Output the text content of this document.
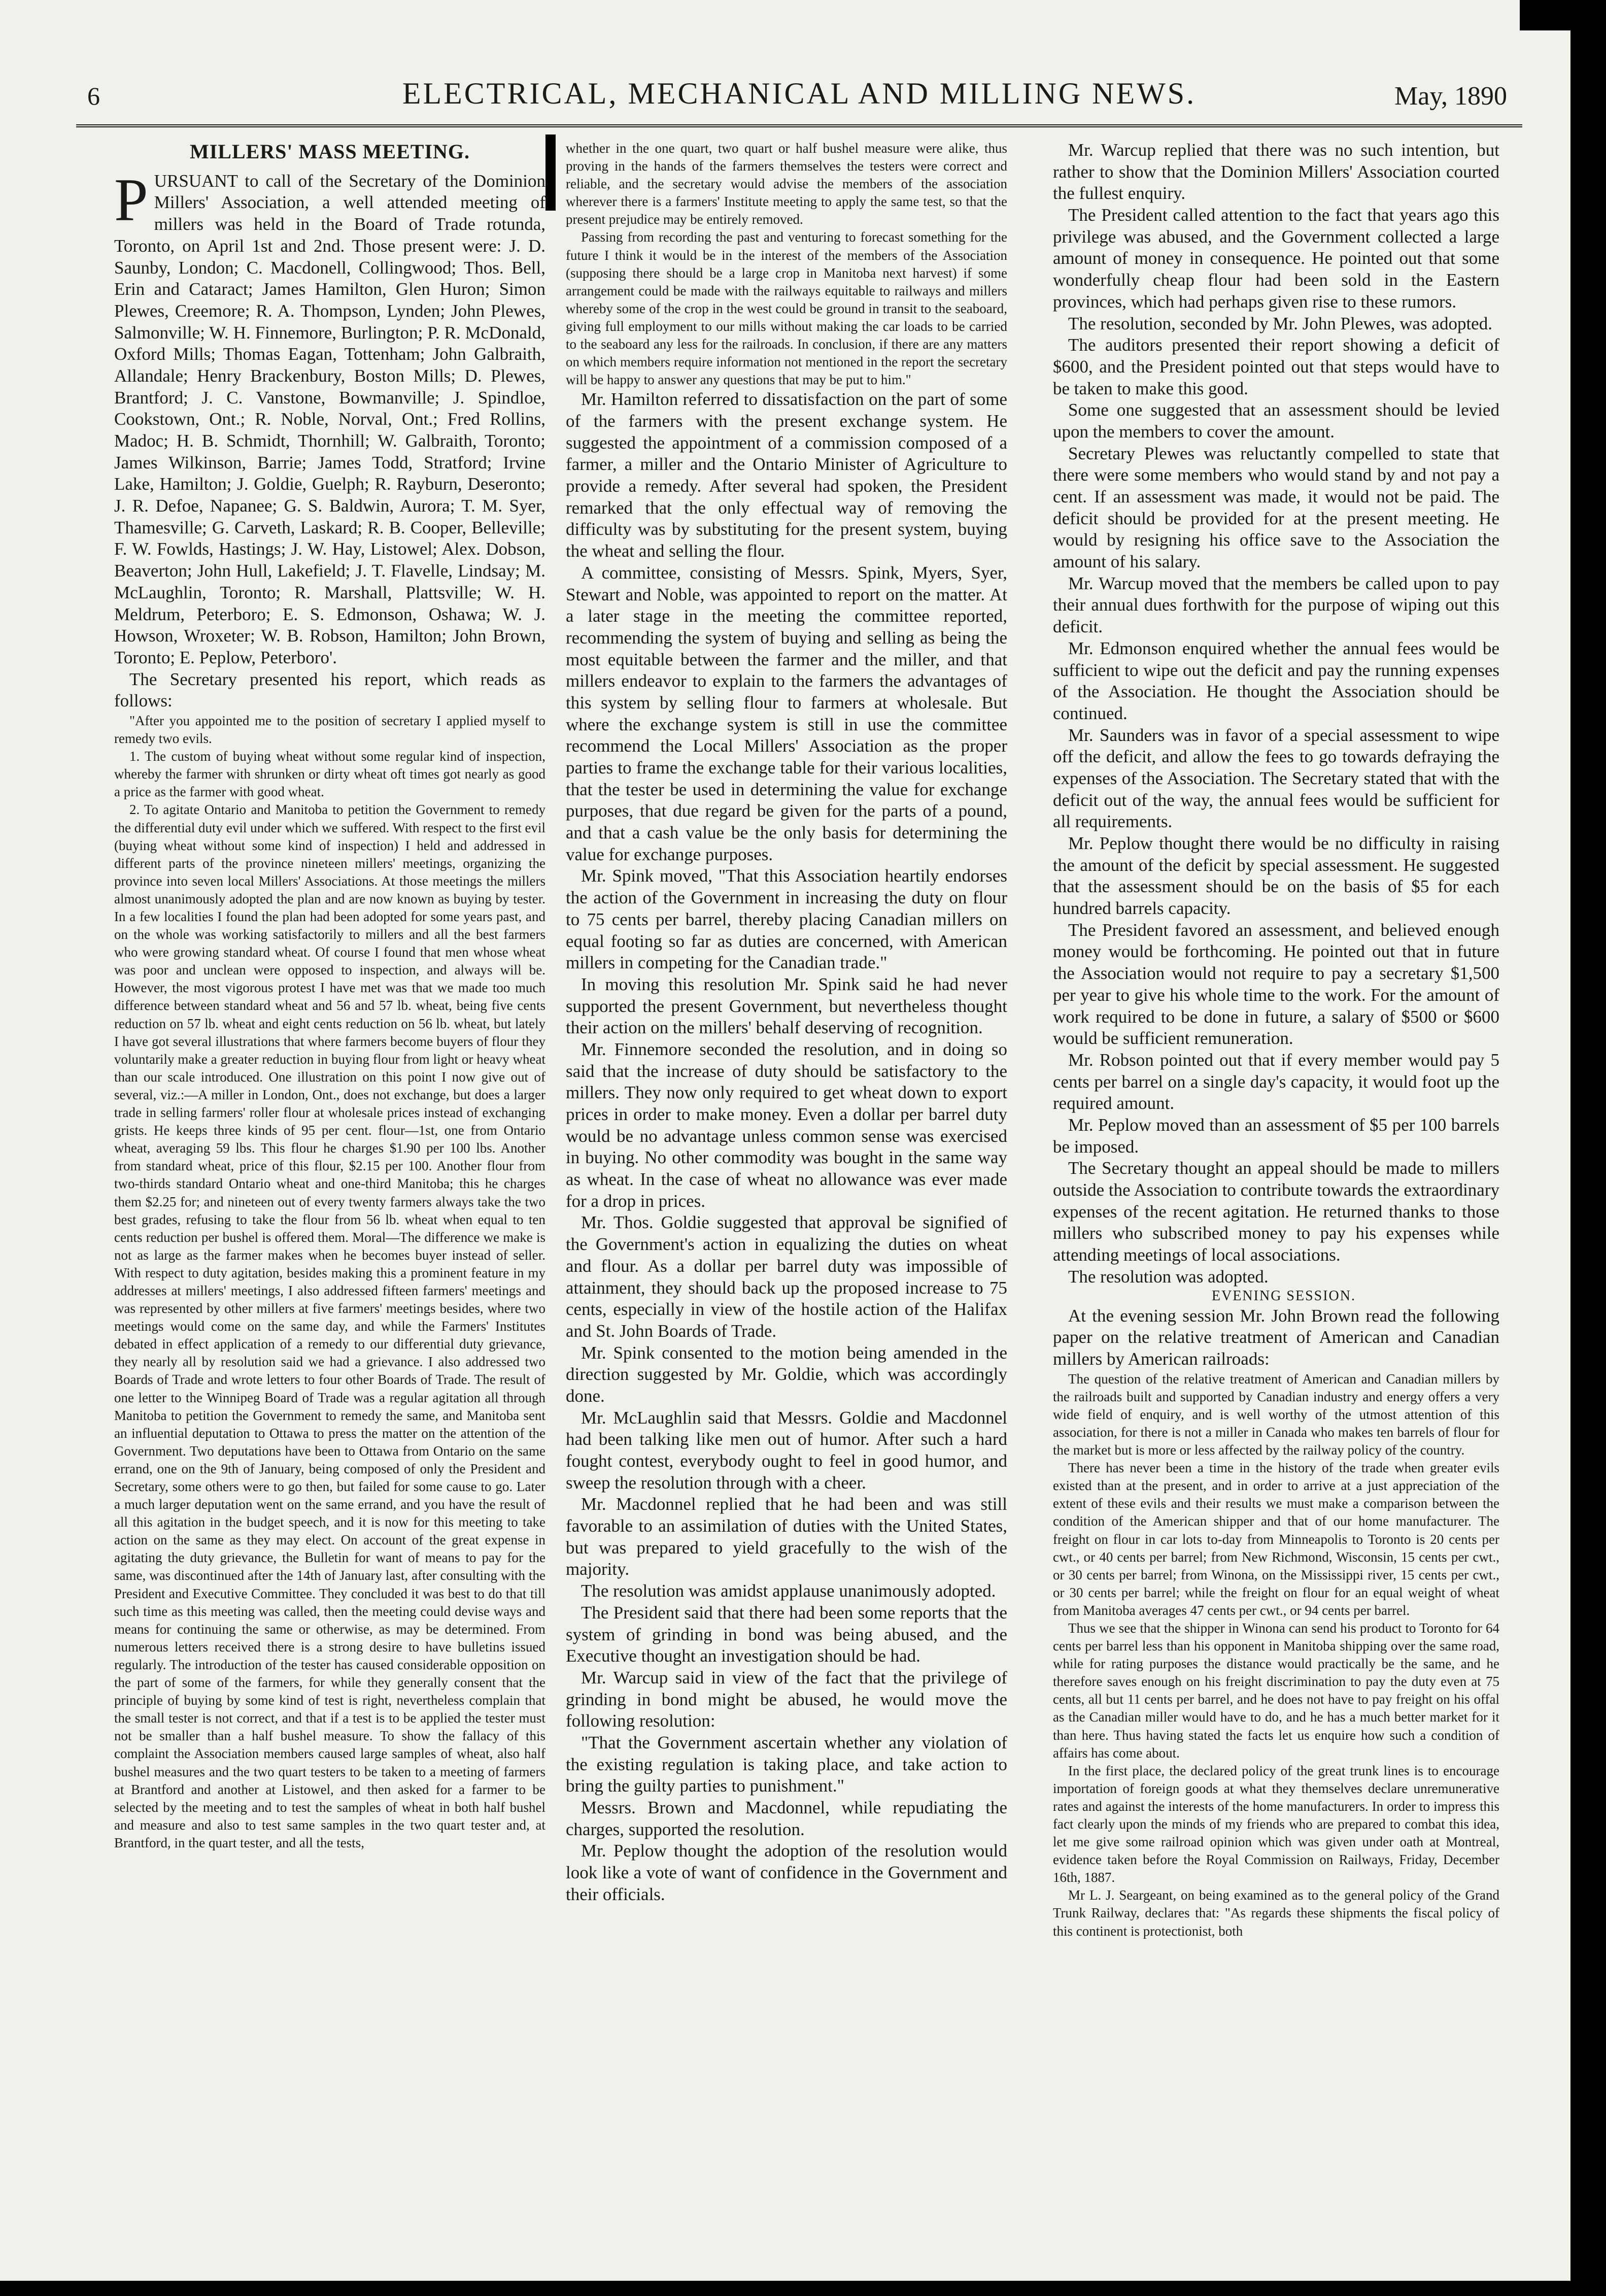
6	ELECTRICAL, MECHANICAL AND MILLING NEWS.	May, 1890
MILLERS' MASS MEETING.
P URSUANT to call of the Secretary of the Dominion Millers' Association, a well attended meeting of millers was held in the Board of Trade rotunda, Toronto, on April 1st and 2nd. Those present were: J. D. Saunby, London; C. Macdonell, Collingwood; Thos. Bell, Erin and Cataract; James Hamilton, Glen Huron; Simon Plewes, Creemore; R. A. Thompson, Lynden; John Plewes, Salmonville; W. H. Finnemore, Burlington; P. R. McDonald, Oxford Mills; Thomas Eagan, Tottenham; John Galbraith, Allandale; Henry Brackenbury, Boston Mills; D. Plewes, Brantford; J. C. Vanstone, Bowmanville; J. Spindloe, Cookstown, Ont.; R. Noble, Norval, Ont.; Fred Rollins, Madoc; H. B. Schmidt, Thornhill; W. Galbraith, Toronto; James Wilkinson, Barrie; James Todd, Stratford; Irvine Lake, Hamilton; J. Goldie, Guelph; R. Rayburn, Deseronto; J. R. Defoe, Napanee; G. S. Baldwin, Aurora; T. M. Syer, Thamesville; G. Carveth, Laskard; R. B. Cooper, Belleville; F. W. Fowlds, Hastings; J. W. Hay, Listowel; Alex. Dobson, Beaverton; John Hull, Lakefield; J. T. Flavelle, Lindsay; M. McLaughlin, Toronto; R. Marshall, Plattsville; W. H. Meldrum, Peterboro; E. S. Edmonson, Oshawa; W. J. Howson, Wroxeter; W. B. Robson, Hamilton; John Brown, Toronto; E. Peplow, Peterboro'.

The Secretary presented his report, which reads as follows:

"After you appointed me to the position of secretary I applied myself to remedy two evils.

1. The custom of buying wheat without some regular kind of inspection, whereby the farmer with shrunken or dirty wheat oft times got nearly as good a price as the farmer with good wheat.

2. To agitate Ontario and Manitoba to petition the Government to remedy the differential duty evil under which we suffered. With respect to the first evil (buying wheat without some kind of inspection) I held and addressed in different parts of the province nineteen millers' meetings, organizing the province into seven local Millers' Associations. At those meetings the millers almost unanimously adopted the plan and are now known as buying by tester. In a few localities I found the plan had been adopted for some years past, and on the whole was working satisfactorily to millers and all the best farmers who were growing standard wheat. Of course I found that men whose wheat was poor and unclean were opposed to inspection, and always will be. However, the most vigorous protest I have met was that we made too much difference between standard wheat and 56 and 57 lb. wheat, being five cents reduction on 57 lb. wheat and eight cents reduction on 56 lb. wheat, but lately I have got several illustrations that where farmers become buyers of flour they voluntarily make a greater reduction in buying flour from light or heavy wheat than our scale introduced. One illustration on this point I now give out of several, viz.:—A miller in London, Ont., does not exchange, but does a larger trade in selling farmers' roller flour at wholesale prices instead of exchanging grists. He keeps three kinds of 95 per cent. flour—1st, one from Ontario wheat, averaging 59 lbs. This flour he charges $1.90 per 100 lbs. Another from standard wheat, price of this flour, $2.15 per 100. Another flour from two-thirds standard Ontario wheat and one-third Manitoba; this he charges them $2.25 for; and nineteen out of every twenty farmers always take the two best grades, refusing to take the flour from 56 lb. wheat when equal to ten cents reduction per bushel is offered them. Moral—The difference we make is not as large as the farmer makes when he becomes buyer instead of seller. With respect to duty agitation, besides making this a prominent feature in my addresses at millers' meetings, I also addressed fifteen farmers' meetings and was represented by other millers at five farmers' meetings besides, where two meetings would come on the same day, and while the Farmers' Institutes debated in effect application of a remedy to our differential duty grievance, they nearly all by resolution said we had a grievance. I also addressed two Boards of Trade and wrote letters to four other Boards of Trade. The result of one letter to the Winnipeg Board of Trade was a regular agitation all through Manitoba to petition the Government to remedy the same, and Manitoba sent an influential deputation to Ottawa to press the matter on the attention of the Government. Two deputations have been to Ottawa from Ontario on the same errand, one on the 9th of January, being composed of only the President and Secretary, some others were to go then, but failed for some cause to go. Later a much larger deputation went on the same errand, and you have the result of all this agitation in the budget speech, and it is now for this meeting to take action on the same as they may elect. On account of the great expense in agitating the duty grievance, the Bulletin for want of means to pay for the same, was discontinued after the 14th of January last, after consulting with the President and Executive Committee. They concluded it was best to do that till such time as this meeting was called, then the meeting could devise ways and means for continuing the same or otherwise, as may be determined. From numerous letters received there is a strong desire to have bulletins issued regularly. The introduction of the tester has caused considerable opposition on the part of some of the farmers, for while they generally consent that the principle of buying by some kind of test is right, nevertheless complain that the small tester is not correct, and that if a test is to be applied the tester must not be smaller than a half bushel measure. To show the fallacy of this complaint the Association members caused large samples of wheat, also half bushel measures and the two quart testers to be taken to a meeting of farmers at Brantford and another at Listowel, and then asked for a farmer to be selected by the meeting and to test the samples of wheat in both half bushel and measure and also to test same samples in the two quart tester and, at Brantford, in the quart tester, and all the tests,

whether in the one quart, two quart or half bushel measure were alike, thus proving in the hands of the farmers themselves the testers were correct and reliable, and the secretary would advise the members of the association wherever there is a farmers' Institute meeting to apply the same test, so that the present prejudice may be entirely removed.

Passing from recording the past and venturing to forecast something for the future I think it would be in the interest of the members of the Association (supposing there should be a large crop in Manitoba next harvest) if some arrangement could be made with the railways equitable to railways and millers whereby some of the crop in the west could be ground in transit to the seaboard, giving full employment to our mills without making the car loads to be carried to the seaboard any less for the railroads. In conclusion, if there are any matters on which members require information not mentioned in the report the secretary will be happy to answer any questions that may be put to him."

Mr. Hamilton referred to dissatisfaction on the part of some of the farmers with the present exchange system. He suggested the appointment of a commission composed of a farmer, a miller and the Ontario Minister of Agriculture to provide a remedy. After several had spoken, the President remarked that the only effectual way of removing the difficulty was by substituting for the present system, buying the wheat and selling the flour.

A committee, consisting of Messrs. Spink, Myers, Syer, Stewart and Noble, was appointed to report on the matter. At a later stage in the meeting the committee reported, recommending the system of buying and selling as being the most equitable between the farmer and the miller, and that millers endeavor to explain to the farmers the advantages of this system by selling flour to farmers at wholesale. But where the exchange system is still in use the committee recommend the Local Millers' Association as the proper parties to frame the exchange table for their various localities, that the tester be used in determining the value for exchange purposes, that due regard be given for the parts of a pound, and that a cash value be the only basis for determining the value for exchange purposes.

Mr. Spink moved, "That this Association heartily endorses the action of the Government in increasing the duty on flour to 75 cents per barrel, thereby placing Canadian millers on equal footing so far as duties are concerned, with American millers in competing for the Canadian trade."

In moving this resolution Mr. Spink said he had never supported the present Government, but nevertheless thought their action on the millers' behalf deserving of recognition.

Mr. Finnemore seconded the resolution, and in doing so said that the increase of duty should be satisfactory to the millers. They now only required to get wheat down to export prices in order to make money. Even a dollar per barrel duty would be no advantage unless common sense was exercised in buying. No other commodity was bought in the same way as wheat. In the case of wheat no allowance was ever made for a drop in prices.

Mr. Thos. Goldie suggested that approval be signified of the Government's action in equalizing the duties on wheat and flour. As a dollar per barrel duty was impossible of attainment, they should back up the proposed increase to 75 cents, especially in view of the hostile action of the Halifax and St. John Boards of Trade.

Mr. Spink consented to the motion being amended in the direction suggested by Mr. Goldie, which was accordingly done.

Mr. McLaughlin said that Messrs. Goldie and Macdonnel had been talking like men out of humor. After such a hard fought contest, everybody ought to feel in good humor, and sweep the resolution through with a cheer.

Mr. Macdonnel replied that he had been and was still favorable to an assimilation of duties with the United States, but was prepared to yield gracefully to the wish of the majority.

The resolution was amidst applause unanimously adopted.

The President said that there had been some reports that the system of grinding in bond was being abused, and the Executive thought an investigation should be had.

Mr. Warcup said in view of the fact that the privilege of grinding in bond might be abused, he would move the following resolution:

"That the Government ascertain whether any violation of the existing regulation is taking place, and take action to bring the guilty parties to punishment."

Messrs. Brown and Macdonnel, while repudiating the charges, supported the resolution.

Mr. Peplow thought the adoption of the resolution would look like a vote of want of confidence in the Government and their officials.

Mr. Warcup replied that there was no such intention, but rather to show that the Dominion Millers' Association courted the fullest enquiry.

The President called attention to the fact that years ago this privilege was abused, and the Government collected a large amount of money in consequence. He pointed out that some wonderfully cheap flour had been sold in the Eastern provinces, which had perhaps given rise to these rumors.

The resolution, seconded by Mr. John Plewes, was adopted.

The auditors presented their report showing a deficit of $600, and the President pointed out that steps would have to be taken to make this good.

Some one suggested that an assessment should be levied upon the members to cover the amount.

Secretary Plewes was reluctantly compelled to state that there were some members who would stand by and not pay a cent. If an assessment was made, it would not be paid. The deficit should be provided for at the present meeting. He would by resigning his office save to the Association the amount of his salary.

Mr. Warcup moved that the members be called upon to pay their annual dues forthwith for the purpose of wiping out this deficit.

Mr. Edmonson enquired whether the annual fees would be sufficient to wipe out the deficit and pay the running expenses of the Association. He thought the Association should be continued.

Mr. Saunders was in favor of a special assessment to wipe off the deficit, and allow the fees to go towards defraying the expenses of the Association. The Secretary stated that with the deficit out of the way, the annual fees would be sufficient for all requirements.

Mr. Peplow thought there would be no difficulty in raising the amount of the deficit by special assessment. He suggested that the assessment should be on the basis of $5 for each hundred barrels capacity.

The President favored an assessment, and believed enough money would be forthcoming. He pointed out that in future the Association would not require to pay a secretary $1,500 per year to give his whole time to the work. For the amount of work required to be done in future, a salary of $500 or $600 would be sufficient remuneration.

Mr. Robson pointed out that if every member would pay 5 cents per barrel on a single day's capacity, it would foot up the required amount.

Mr. Peplow moved than an assessment of $5 per 100 barrels be imposed.

The Secretary thought an appeal should be made to millers outside the Association to contribute towards the extraordinary expenses of the recent agitation. He returned thanks to those millers who subscribed money to pay his expenses while attending meetings of local associations.

The resolution was adopted.

EVENING SESSION.

At the evening session Mr. John Brown read the following paper on the relative treatment of American and Canadian millers by American railroads:

The question of the relative treatment of American and Canadian millers by the railroads built and supported by Canadian industry and energy offers a very wide field of enquiry, and is well worthy of the utmost attention of this association, for there is not a miller in Canada who makes ten barrels of flour for the market but is more or less affected by the railway policy of the country.

There has never been a time in the history of the trade when greater evils existed than at the present, and in order to arrive at a just appreciation of the extent of these evils and their results we must make a comparison between the condition of the American shipper and that of our home manufacturer. The freight on flour in car lots to-day from Minneapolis to Toronto is 20 cents per cwt., or 40 cents per barrel; from New Richmond, Wisconsin, 15 cents per cwt., or 30 cents per barrel; from Winona, on the Mississippi river, 15 cents per cwt., or 30 cents per barrel; while the freight on flour for an equal weight of wheat from Manitoba averages 47 cents per cwt., or 94 cents per barrel.

Thus we see that the shipper in Winona can send his product to Toronto for 64 cents per barrel less than his opponent in Manitoba shipping over the same road, while for rating purposes the distance would practically be the same, and he therefore saves enough on his freight discrimination to pay the duty even at 75 cents, all but 11 cents per barrel, and he does not have to pay freight on his offal as the Canadian miller would have to do, and he has a much better market for it than here. Thus having stated the facts let us enquire how such a condition of affairs has come about.

In the first place, the declared policy of the great trunk lines is to encourage importation of foreign goods at what they themselves declare unremunerative rates and against the interests of the home manufacturers. In order to impress this fact clearly upon the minds of my friends who are prepared to combat this idea, let me give some railroad opinion which was given under oath at Montreal, evidence taken before the Royal Commission on Railways, Friday, December 16th, 1887.

Mr L. J. Seargeant, on being examined as to the general policy of the Grand Trunk Railway, declares that: "As regards these shipments the fiscal policy of this continent is protectionist, both
